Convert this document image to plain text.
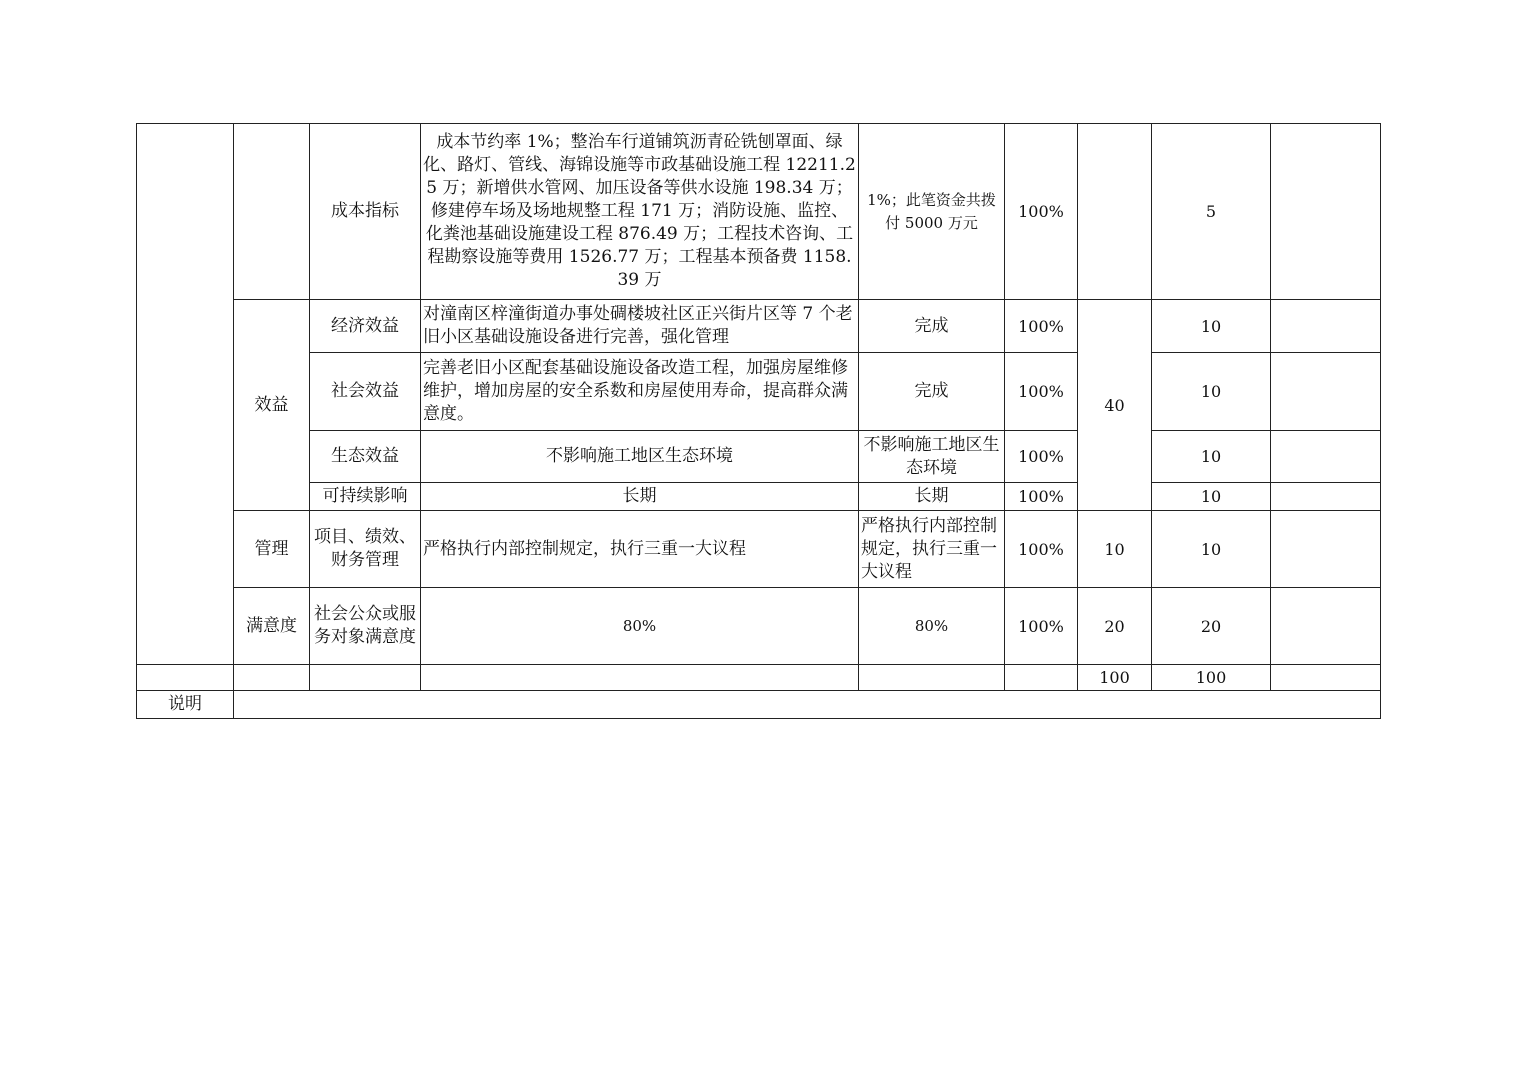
		成本指标	成本节约率 1%；整治车行道铺筑沥青砼铣刨罩面、绿化、路灯、管线、海锦设施等市政基础设施工程 12211.25 万；新增供水管网、加压设备等供水设施 198.34 万；修建停车场及场地规整工程 171 万；消防设施、监控、化粪池基础设施建设工程 876.49 万；工程技术咨询、工程勘察设施等费用 1526.77 万；工程基本预备费 1158.39 万	1%；此笔资金共拨付 5000 万元	100%		5	
	效益	经济效益	对潼南区梓潼街道办事处碉楼坡社区正兴街片区等 7 个老旧小区基础设施设备进行完善，强化管理	完成	100%	40	10	
		社会效益	完善老旧小区配套基础设施设备改造工程，加强房屋维修维护，增加房屋的安全系数和房屋使用寿命，提高群众满意度。	完成	100%		10	
		生态效益	不影响施工地区生态环境	不影响施工地区生态环境	100%		10	
		可持续影响	长期	长期	100%		10	
	管理	项目、绩效、财务管理	严格执行内部控制规定，执行三重一大议程	严格执行内部控制规定，执行三重一大议程	100%	10	10	
	满意度	社会公众或服务对象满意度	80%	80%	100%	20	20	
						100	100	
说明								
